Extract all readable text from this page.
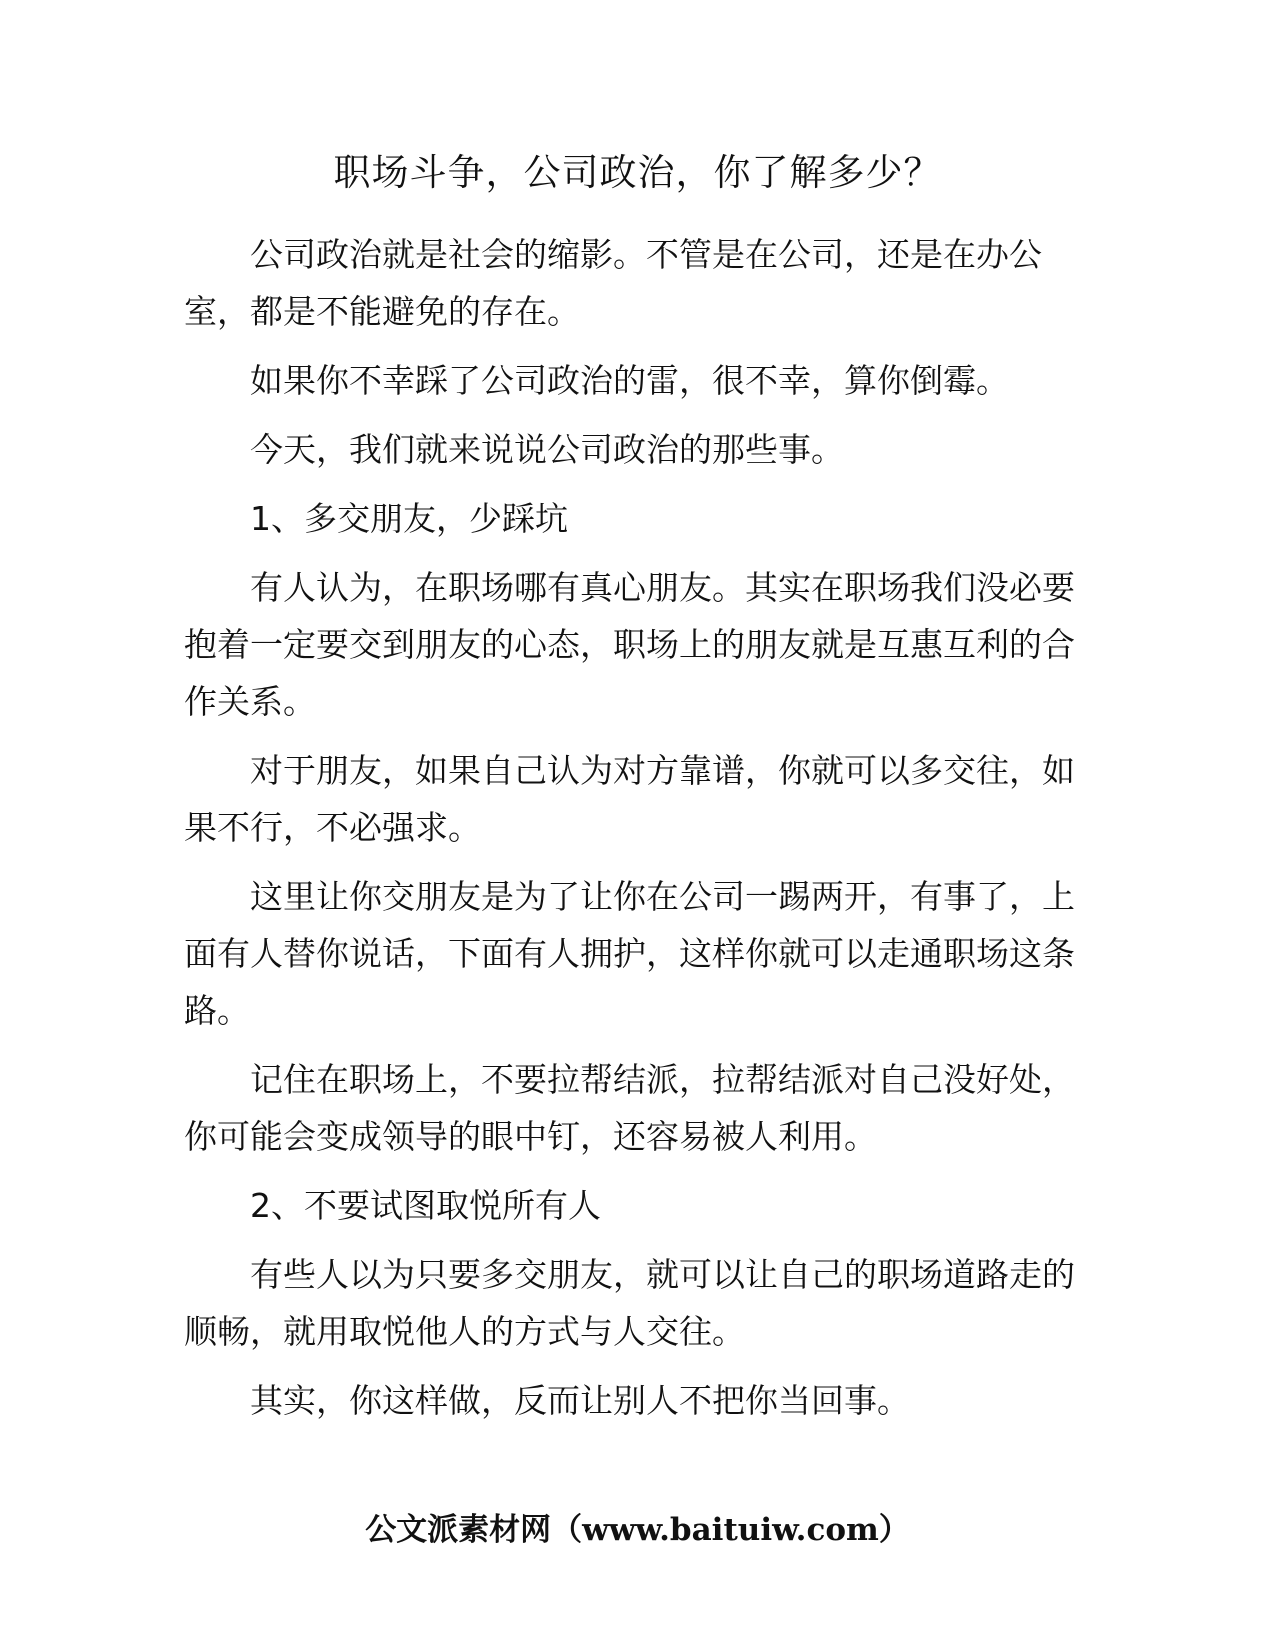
职场斗争，公司政治，你了解多少？

公司政治就是社会的缩影。不管是在公司，还是在办公室，都是不能避免的存在。

如果你不幸踩了公司政治的雷，很不幸，算你倒霉。

今天，我们就来说说公司政治的那些事。

1、多交朋友，少踩坑

有人认为，在职场哪有真心朋友。其实在职场我们没必要抱着一定要交到朋友的心态，职场上的朋友就是互惠互利的合作关系。

对于朋友，如果自己认为对方靠谱，你就可以多交往，如果不行，不必强求。

这里让你交朋友是为了让你在公司一踢两开，有事了，上面有人替你说话，下面有人拥护，这样你就可以走通职场这条路。

记住在职场上，不要拉帮结派，拉帮结派对自己没好处，你可能会变成领导的眼中钉，还容易被人利用。

2、不要试图取悦所有人

有些人以为只要多交朋友，就可以让自己的职场道路走的顺畅，就用取悦他人的方式与人交往。

其实，你这样做，反而让别人不把你当回事。

公文派素材网（www.baituiw.com）
